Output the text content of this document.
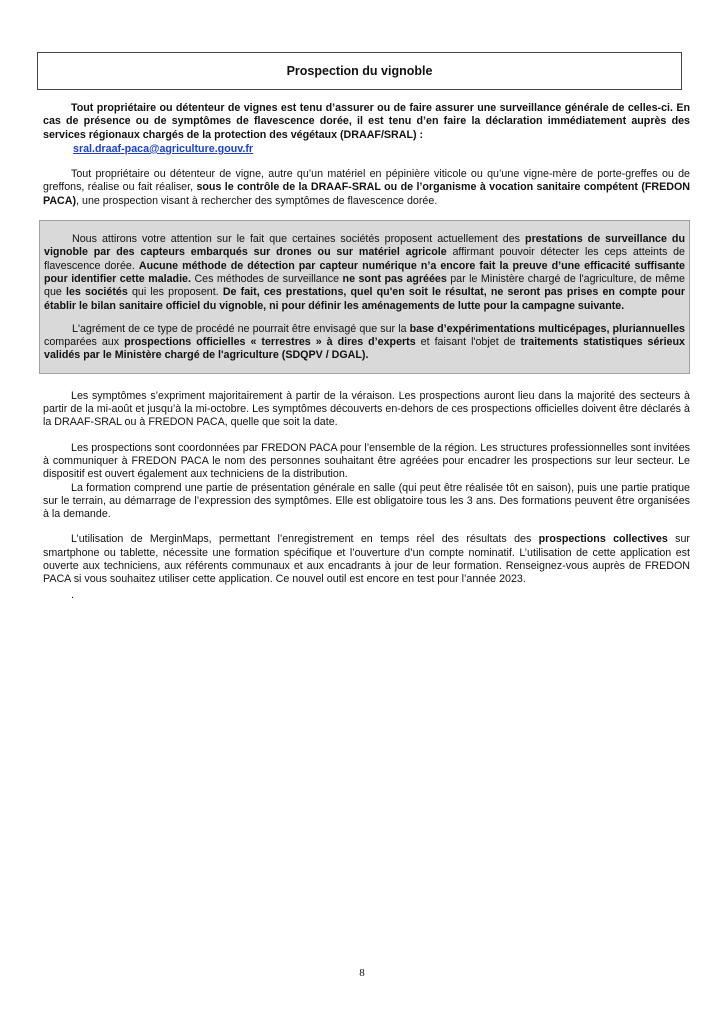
Prospection du vignoble

Tout propriétaire ou détenteur de vignes est tenu d’assurer ou de faire assurer une surveillance générale de celles-ci. En cas de présence ou de symptômes de flavescence dorée, il est tenu d’en faire la déclaration immédiatement auprès des services régionaux chargés de la protection des végétaux (DRAAF/SRAL) :

sral.draaf-paca@agriculture.gouv.fr

Tout propriétaire ou détenteur de vigne, autre qu’un matériel en pépinière viticole ou qu’une vigne-mère de porte-greffes ou de greffons, réalise ou fait réaliser, sous le contrôle de la DRAAF-SRAL ou de l’organisme à vocation sanitaire compétent (FREDON PACA), une prospection visant à rechercher des symptômes de flavescence dorée.

Nous attirons votre attention sur le fait que certaines sociétés proposent actuellement des prestations de surveillance du vignoble par des capteurs embarqués sur drones ou sur matériel agricole affirmant pouvoir détecter les ceps atteints de flavescence dorée. Aucune méthode de détection par capteur numérique n’a encore fait la preuve d’une efficacité suffisante pour identifier cette maladie. Ces méthodes de surveillance ne sont pas agréées par le Ministère chargé de l'agriculture, de même que les sociétés qui les proposent. De fait, ces prestations, quel qu'en soit le résultat, ne seront pas prises en compte pour établir le bilan sanitaire officiel du vignoble, ni pour définir les aménagements de lutte pour la campagne suivante.

L'agrément de ce type de procédé ne pourrait être envisagé que sur la base d’expérimentations multicépages, pluriannuelles comparées aux prospections officielles « terrestres » à dires d’experts et faisant l'objet de traitements statistiques sérieux validés par le Ministère chargé de l'agriculture (SDQPV / DGAL).

Les symptômes s’expriment majoritairement à partir de la véraison. Les prospections auront lieu dans la majorité des secteurs à partir de la mi-août et jusqu’à la mi-octobre. Les symptômes découverts en-dehors de ces prospections officielles doivent être déclarés à la DRAAF-SRAL ou à FREDON PACA, quelle que soit la date.

Les prospections sont coordonnées par FREDON PACA pour l’ensemble de la région. Les structures professionnelles sont invitées à communiquer à FREDON PACA le nom des personnes souhaitant être agréées pour encadrer les prospections sur leur secteur. Le dispositif est ouvert également aux techniciens de la distribution.

La formation comprend une partie de présentation générale en salle (qui peut être réalisée tôt en saison), puis une partie pratique sur le terrain, au démarrage de l’expression des symptômes. Elle est obligatoire tous les 3 ans. Des formations peuvent être organisées à la demande.

L’utilisation de MerginMaps, permettant l’enregistrement en temps réel des résultats des prospections collectives sur smartphone ou tablette, nécessite une formation spécifique et l’ouverture d’un compte nominatif. L’utilisation de cette application est ouverte aux techniciens, aux référents communaux et aux encadrants à jour de leur formation. Renseignez-vous auprès de FREDON PACA si vous souhaitez utiliser cette application. Ce nouvel outil est encore en test pour l’année 2023.

.

8
